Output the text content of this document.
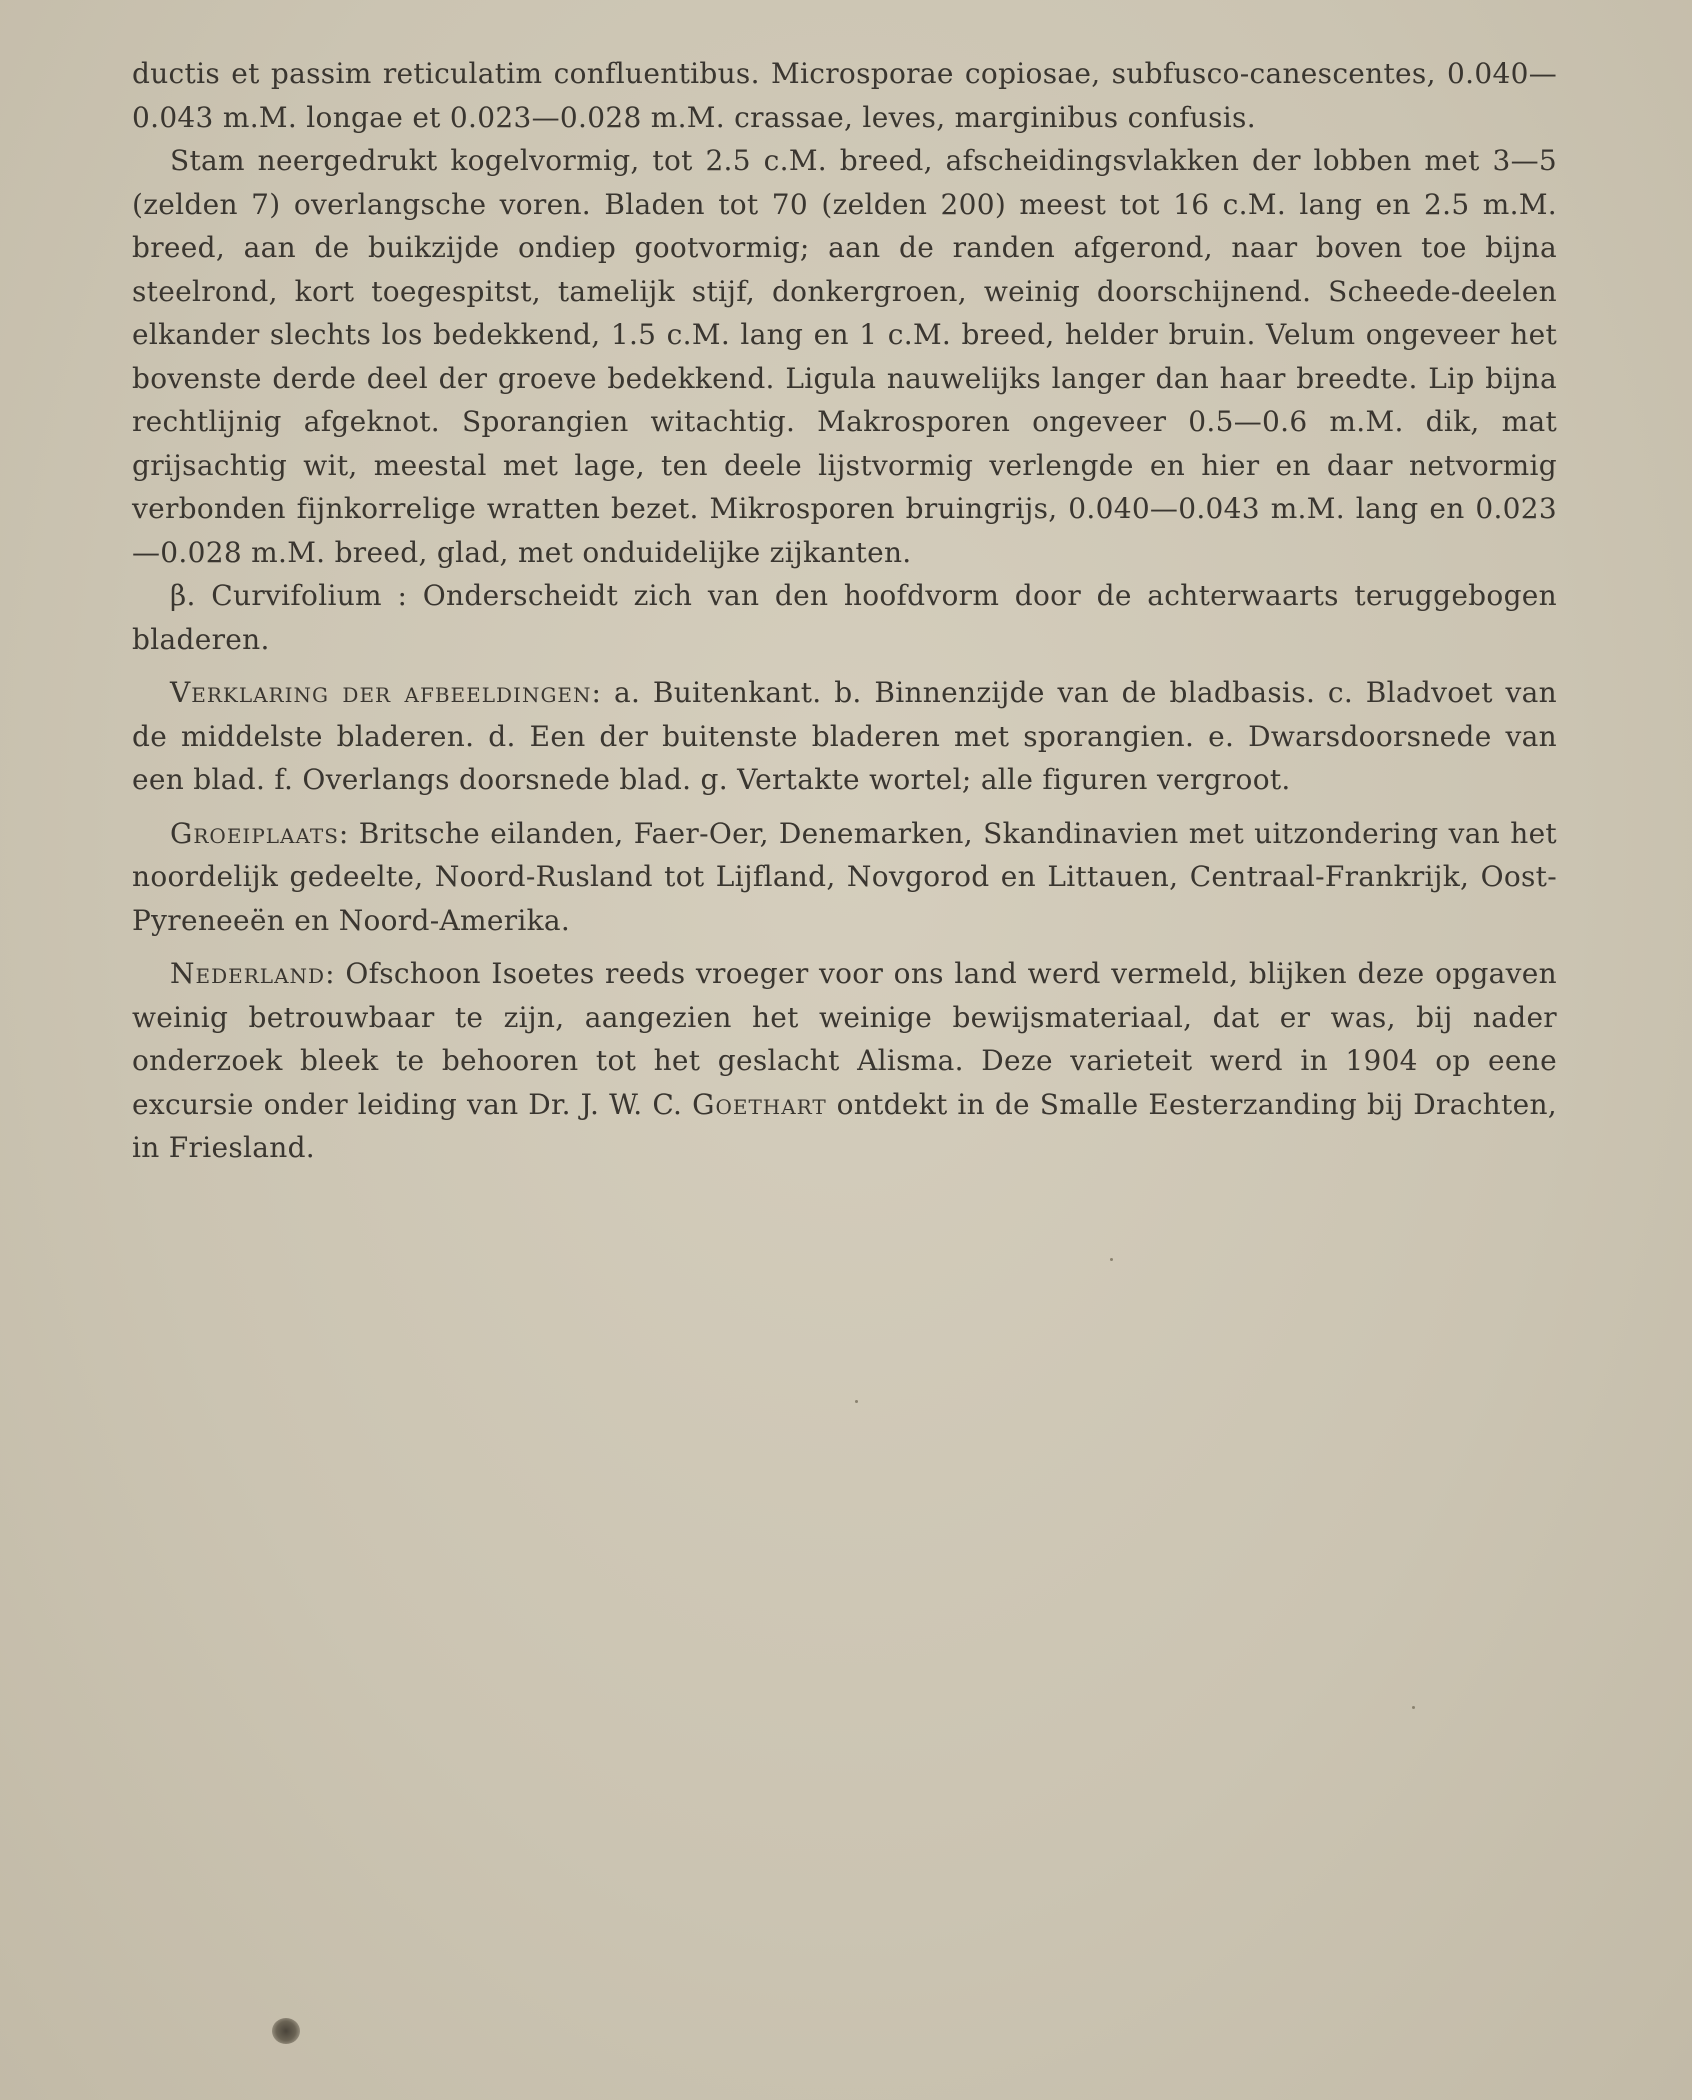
ductis et passim reticulatim confluentibus. Microsporae copiosae, subfusco-canescentes, 0.040—0.043 m.M. longae et 0.023—0.028 m.M. crassae, leves, marginibus confusis.

Stam neergedrukt kogelvormig, tot 2.5 c.M. breed, afscheidingsvlakken der lobben met 3—5 (zelden 7) overlangsche voren. Bladen tot 70 (zelden 200) meest tot 16 c.M. lang en 2.5 m.M. breed, aan de buikzijde ondiep gootvormig; aan de randen afgerond, naar boven toe bijna steelrond, kort toegespitst, tamelijk stijf, donkergroen, weinig doorschijnend. Scheede-deelen elkander slechts los bedekkend, 1.5 c.M. lang en 1 c.M. breed, helder bruin. Velum ongeveer het bovenste derde deel der groeve bedekkend. Ligula nauwelijks langer dan haar breedte. Lip bijna rechtlijnig afgeknot. Sporangien witachtig. Makrosporen ongeveer 0.5—0.6 m.M. dik, mat grijsachtig wit, meestal met lage, ten deele lijstvormig verlengde en hier en daar netvormig verbonden fijnkorrelige wratten bezet. Mikrosporen bruingrijs, 0.040—0.043 m.M. lang en 0.023—0.028 m.M. breed, glad, met onduidelijke zijkanten.

β. Curvifolium : Onderscheidt zich van den hoofdvorm door de achterwaarts teruggebogen bladeren.

Verklaring der afbeeldingen: a. Buitenkant. b. Binnenzijde van de bladbasis. c. Bladvoet van de middelste bladeren. d. Een der buitenste bladeren met sporangien. e. Dwarsdoorsnede van een blad. f. Overlangs doorsnede blad. g. Vertakte wortel; alle figuren vergroot.

Groeiplaats: Britsche eilanden, Faer-Oer, Denemarken, Skandinavien met uitzondering van het noordelijk gedeelte, Noord-Rusland tot Lijfland, Novgorod en Littauen, Centraal-Frankrijk, Oost-Pyreneeën en Noord-Amerika.

Nederland: Ofschoon Isoetes reeds vroeger voor ons land werd vermeld, blijken deze opgaven weinig betrouwbaar te zijn, aangezien het weinige bewijsmateriaal, dat er was, bij nader onderzoek bleek te behooren tot het geslacht Alisma. Deze varieteit werd in 1904 op eene excursie onder leiding van Dr. J. W. C. Goethart ontdekt in de Smalle Eesterzanding bij Drachten, in Friesland.
